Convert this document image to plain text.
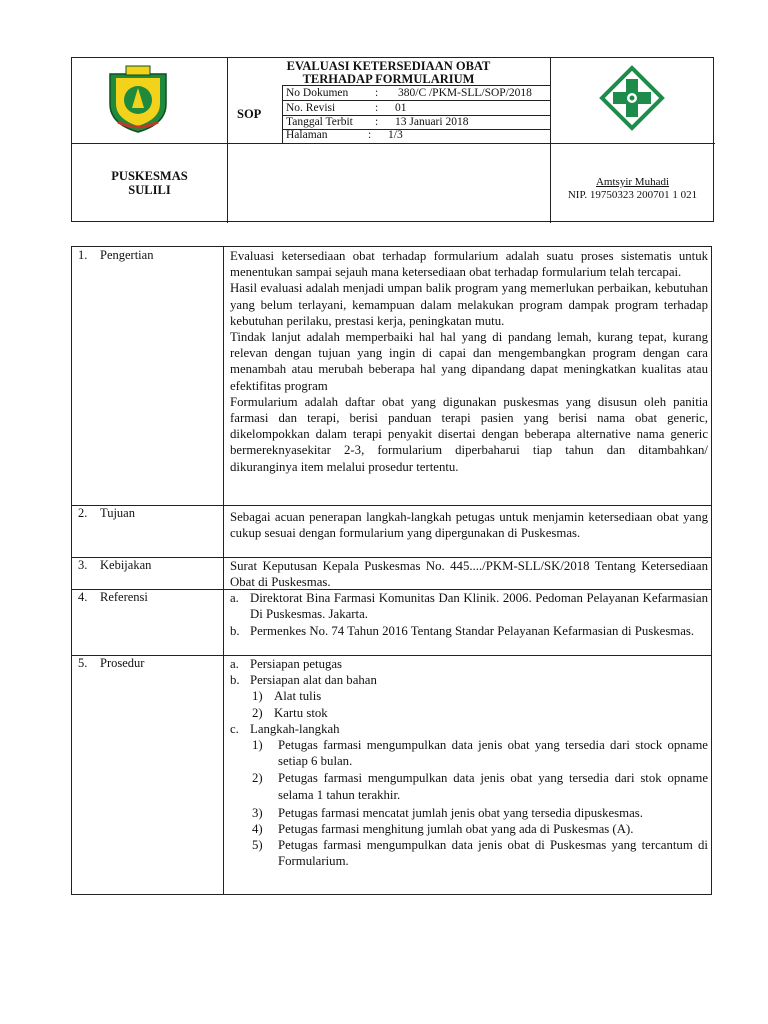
EVALUASI KETERSEDIAAN OBAT
TERHADAP FORMULARIUM
SOP
No Dokumen : 380/C /PKM-SLL/SOP/2018
No. Revisi	: 01
Tanggal Terbit : 13 Januari 2018
Halaman	: 1/3
PUSKESMAS
SULILI
Amtsyir Muhadi
NIP. 19750323 200701 1 021
1. Pengertian	Evaluasi ketersediaan obat terhadap formularium adalah suatu proses sistematis untuk menentukan sampai sejauh mana ketersediaan obat terhadap formularium telah tercapai.

Hasil evaluasi adalah menjadi umpan balik program yang memerlukan perbaikan, kebutuhan yang belum terlayani, kemampuan dalam melakukan program dampak program terhadap kebutuhan perilaku, prestasi kerja, peningkatan mutu.

Tindak lanjut adalah memperbaiki hal hal yang di pandang lemah, kurang tepat, kurang relevan dengan tujuan yang ingin di capai dan mengembangkan program dengan cara menambah atau merubah beberapa hal yang dipandang dapat meningkatkan kualitas atau efektifitas program

Formularium adalah daftar obat yang digunakan puskesmas yang disusun oleh panitia farmasi dan terapi, berisi panduan terapi pasien yang berisi nama obat generic, dikelompokkan dalam terapi penyakit disertai dengan beberapa alternative nama generic bermereknyasekitar 2-3, formularium diperbaharui tiap tahun dan ditambahkan/ dikuranginya item melalui prosedur tertentu.

2. Tujuan	Sebagai acuan penerapan langkah-langkah petugas untuk menjamin ketersediaan obat yang cukup sesuai dengan formularium yang dipergunakan di Puskesmas.

3. Kebijakan	Surat Keputusan Kepala Puskesmas No. 445..../PKM-SLL/SK/2018 Tentang Ketersediaan Obat di Puskesmas.

4. Referensi	a. Direktorat Bina Farmasi Komunitas Dan Klinik. 2006. Pedoman Pelayanan Kefarmasian Di Puskesmas. Jakarta.

b. Permenkes No. 74 Tahun 2016 Tentang Standar Pelayanan Kefarmasian di Puskesmas.

5. Prosedur	a. Persiapan petugas

b. Persiapan alat dan bahan

1) Alat tulis

2) Kartu stok

c. Langkah-langkah

1) Petugas farmasi mengumpulkan data jenis obat yang tersedia dari stock opname setiap 6 bulan.

2) Petugas farmasi mengumpulkan data jenis obat yang tersedia dari stok opname selama 1 tahun terakhir.

3) Petugas farmasi mencatat jumlah jenis obat yang tersedia dipuskesmas.

4) Petugas farmasi menghitung jumlah obat yang ada di Puskesmas (A).

5) Petugas farmasi mengumpulkan data jenis obat di Puskesmas yang tercantum di Formularium.
